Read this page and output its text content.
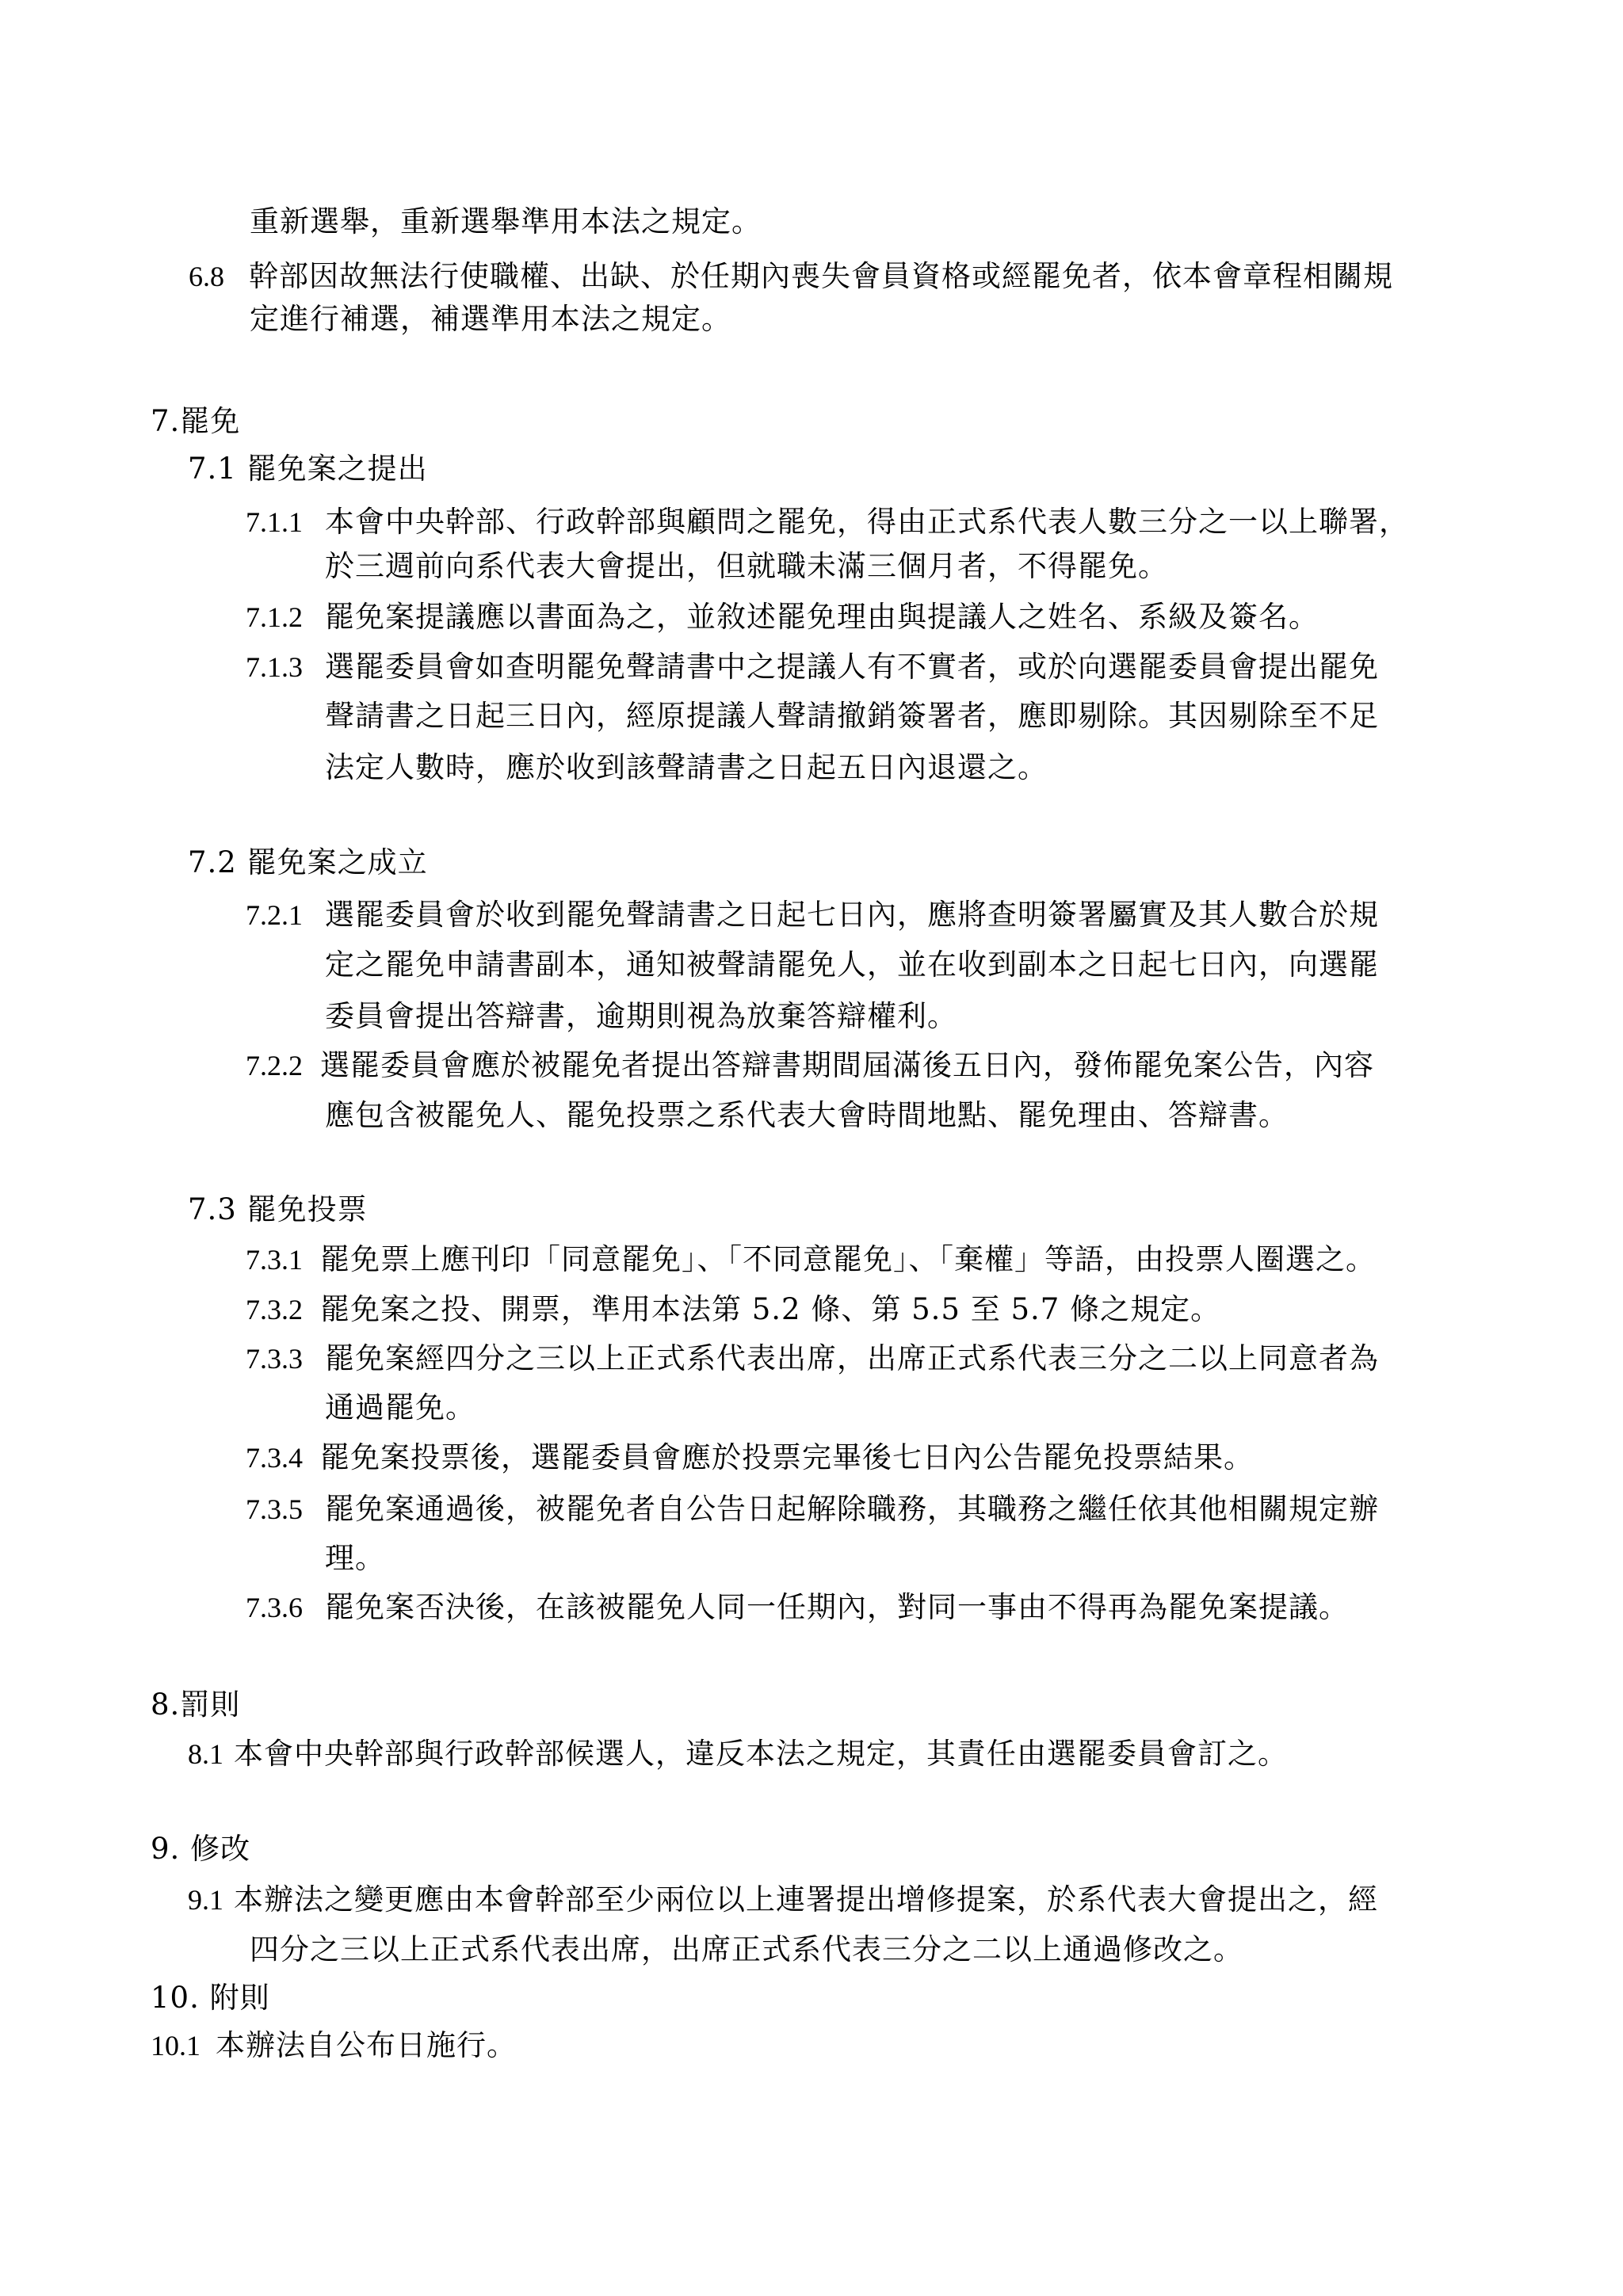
重新選舉，重新選舉準用本法之規定。
6.8 幹部因故無法行使職權、出缺、於任期內喪失會員資格或經罷免者，依本會章程相關規
定進行補選，補選準用本法之規定。
7.罷免
7.1 罷免案之提出
7.1.1 本會中央幹部、行政幹部與顧問之罷免，得由正式系代表人數三分之一以上聯署，
於三週前向系代表大會提出，但就職未滿三個月者，不得罷免。
7.1.2 罷免案提議應以書面為之，並敘述罷免理由與提議人之姓名、系級及簽名。
7.1.3 選罷委員會如查明罷免聲請書中之提議人有不實者，或於向選罷委員會提出罷免
聲請書之日起三日內，經原提議人聲請撤銷簽署者，應即剔除。其因剔除至不足
法定人數時，應於收到該聲請書之日起五日內退還之。
7.2 罷免案之成立
7.2.1 選罷委員會於收到罷免聲請書之日起七日內，應將查明簽署屬實及其人數合於規
定之罷免申請書副本，通知被聲請罷免人，並在收到副本之日起七日內，向選罷
委員會提出答辯書，逾期則視為放棄答辯權利。
7.2.2 選罷委員會應於被罷免者提出答辯書期間屆滿後五日內，發佈罷免案公告，內容
應包含被罷免人、罷免投票之系代表大會時間地點、罷免理由、答辯書。
7.3 罷免投票
7.3.1 罷免票上應刊印「同意罷免」、「不同意罷免」、「棄權」等語，由投票人圈選之。
7.3.2 罷免案之投、開票，準用本法第 5.2 條、第 5.5 至 5.7 條之規定。
7.3.3 罷免案經四分之三以上正式系代表出席，出席正式系代表三分之二以上同意者為
通過罷免。
7.3.4 罷免案投票後，選罷委員會應於投票完畢後七日內公告罷免投票結果。
7.3.5 罷免案通過後，被罷免者自公告日起解除職務，其職務之繼任依其他相關規定辦
理。
7.3.6 罷免案否決後，在該被罷免人同一任期內，對同一事由不得再為罷免案提議。
8.罰則
8.1 本會中央幹部與行政幹部候選人，違反本法之規定，其責任由選罷委員會訂之。
9. 修改
9.1 本辦法之變更應由本會幹部至少兩位以上連署提出增修提案，於系代表大會提出之，經
四分之三以上正式系代表出席，出席正式系代表三分之二以上通過修改之。
10. 附則
10.1 本辦法自公布日施行。
